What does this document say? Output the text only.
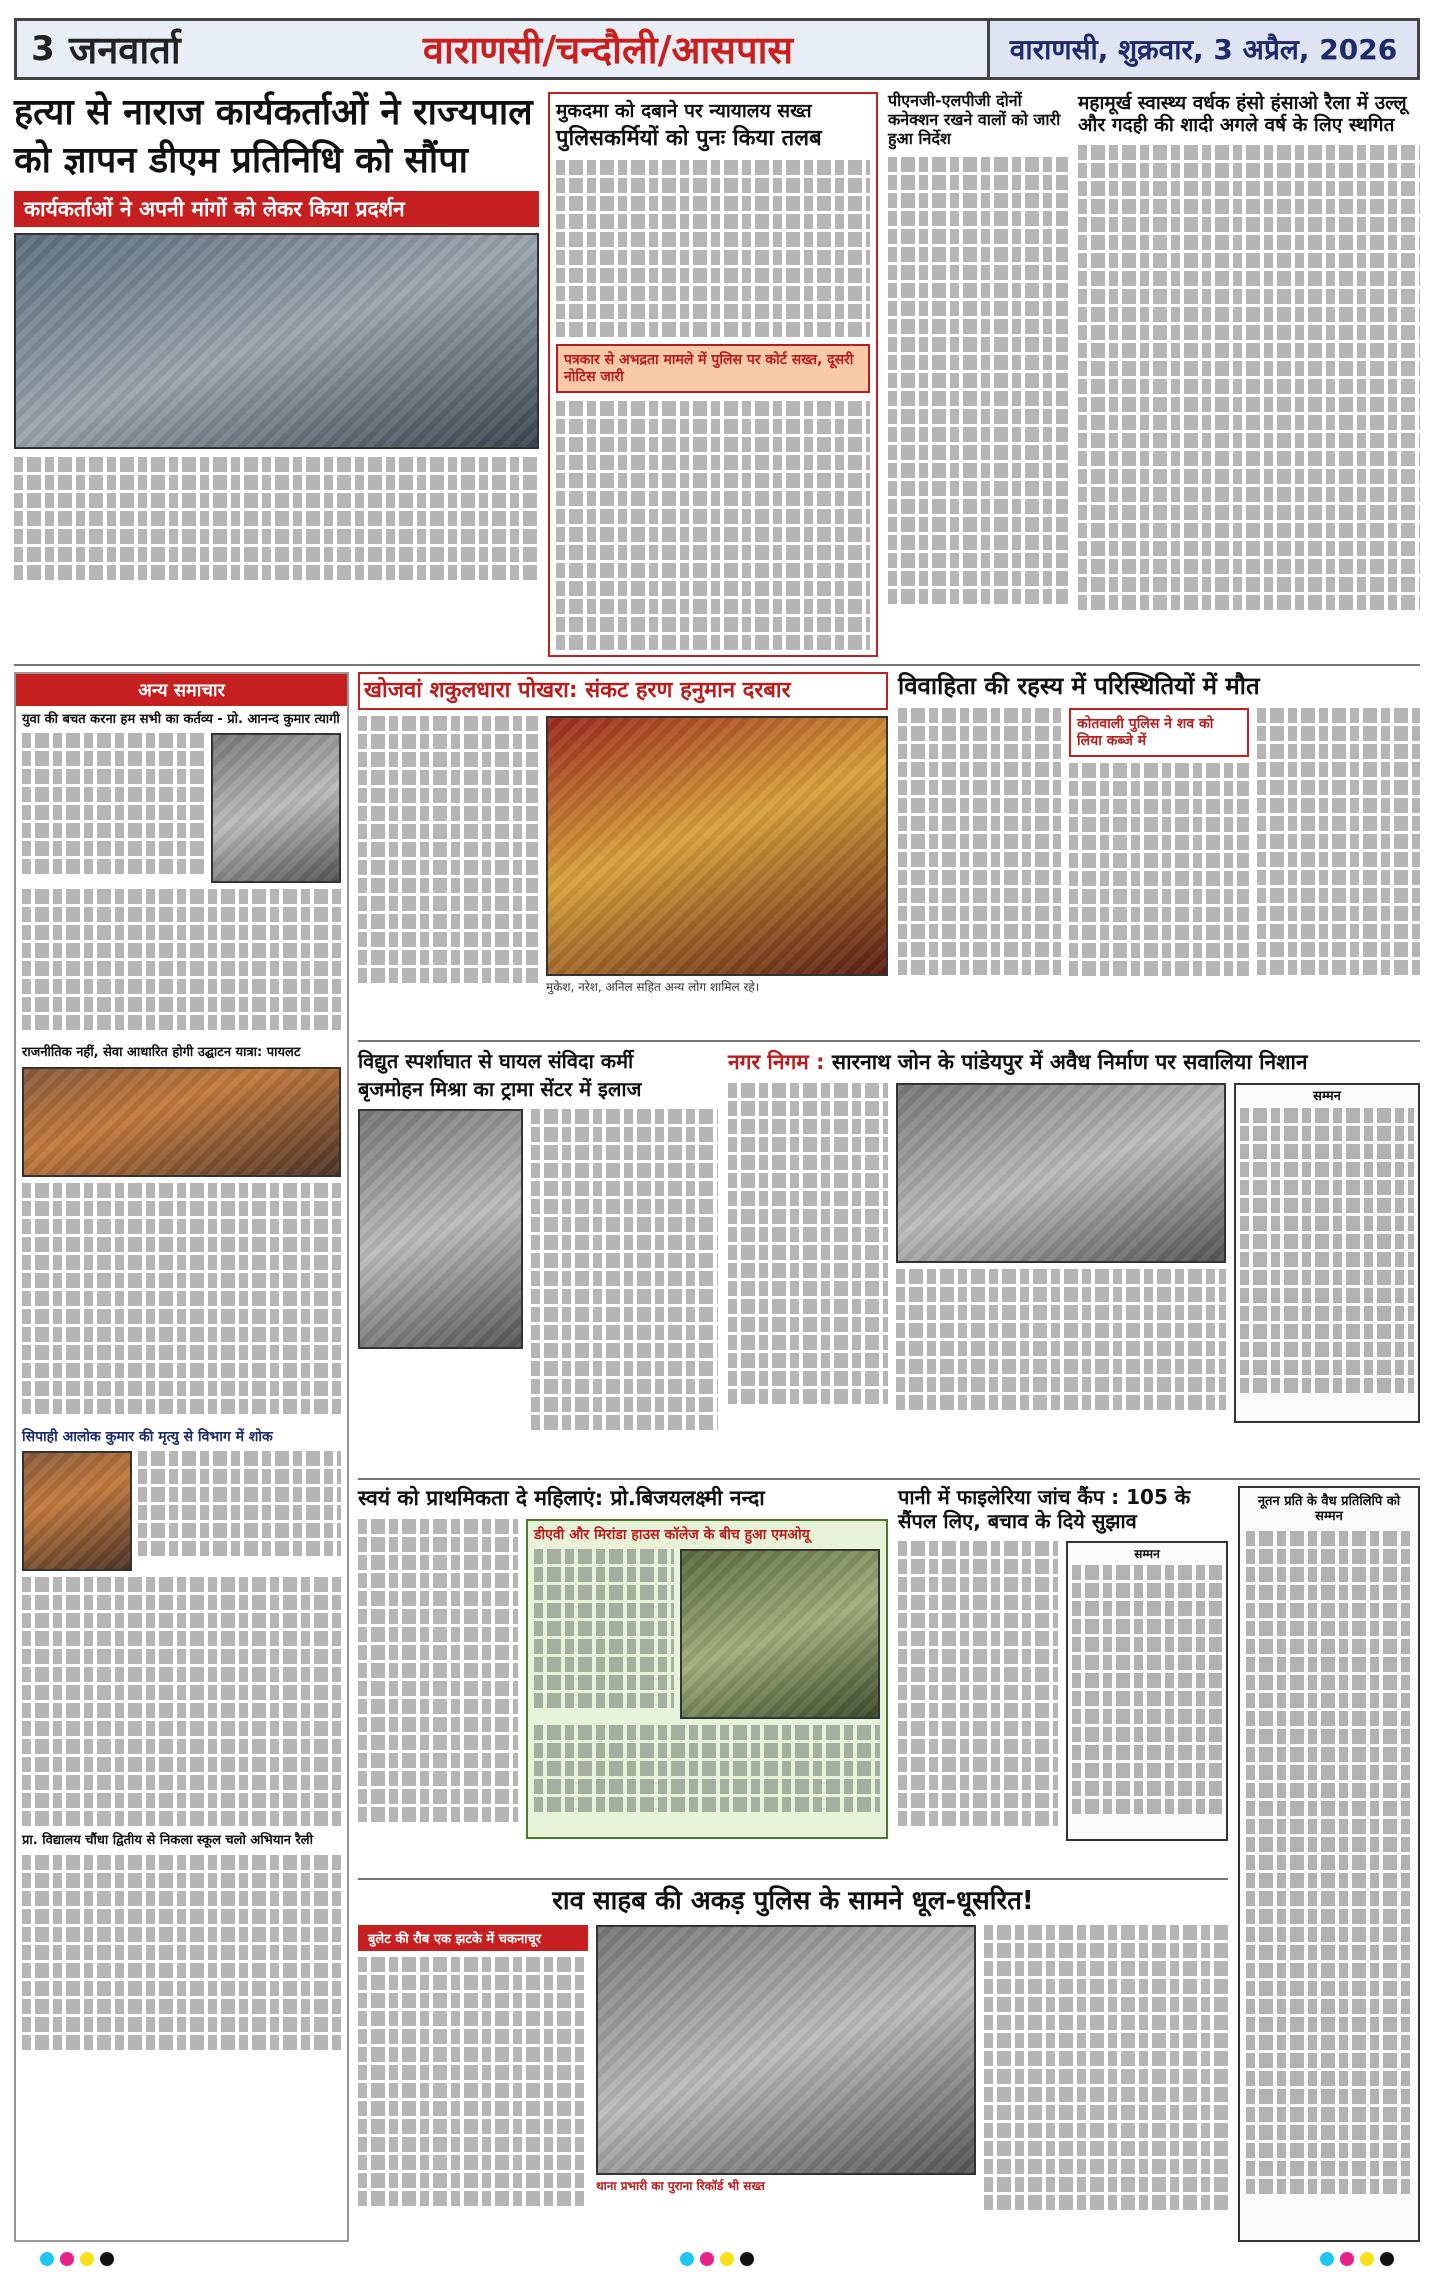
3 जनवार्ता	वाराणसी/चन्दौली/आसपास	वाराणसी, शुक्रवार, 3 अप्रैल, 2026
हत्या से नाराज कार्यकर्ताओं ने राज्यपाल
को ज्ञापन डीएम प्रतिनिधि को सौंपा
कार्यकर्ताओं ने अपनी मांगों को लेकर किया प्रदर्शन
मुकदमा को दबाने पर न्यायालय सख्त
पुलिसकर्मियों को पुनः किया तलब
पत्रकार से अभद्रता मामले में पुलिस पर कोर्ट सख्त, दूसरी नोटिस जारी
पीएनजी-एलपीजी दोनों कनेक्शन रखने वालों को जारी हुआ निर्देश
महामूर्ख स्वास्थ्य वर्धक हंसो हंसाओ रैला में उल्लू और गदही की शादी अगले वर्ष के लिए स्थगित
अन्य समाचार
युवा की बचत करना हम सभी का कर्तव्य - प्रो. आनन्द कुमार त्यागी
राजनीतिक नहीं, सेवा आधारित होगी उद्घाटन यात्रा: पायलट
सिपाही आलोक कुमार की मृत्यु से विभाग में शोक
प्रा. विद्यालय चौंधा द्वितीय से निकला स्कूल चलो अभियान रैली
खोजवां शकुलधारा पोखरा: संकट हरण हनुमान दरबार
मुकेश, नरेश, अनिल सहित अन्य लोग शामिल रहे।
विवाहिता की रहस्य में परिस्थितियों में मौत
कोतवाली पुलिस ने शव को लिया कब्जे में
विद्युत स्पर्शाघात से घायल संविदा कर्मी
बृजमोहन मिश्रा का ट्रामा सेंटर में इलाज
नगर निगम : सारनाथ जोन के पांडेयपुर में अवैध निर्माण पर सवालिया निशान
सम्मन
स्वयं को प्राथमिकता दे महिलाएं: प्रो.बिजयलक्ष्मी नन्दा
डीएवी और मिरांडा हाउस कॉलेज के बीच हुआ एमओयू
पानी में फाइलेरिया जांच कैंप : 105 के सैंपल लिए, बचाव के दिये सुझाव
सम्मन
नूतन प्रति के वैध प्रतिलिपि को सम्मन
राव साहब की अकड़ पुलिस के सामने धूल-धूसरित!
बुलेट की रौब एक झटके में चकनाचूर
थाना प्रभारी का पुराना रिकॉर्ड भी सख्त
